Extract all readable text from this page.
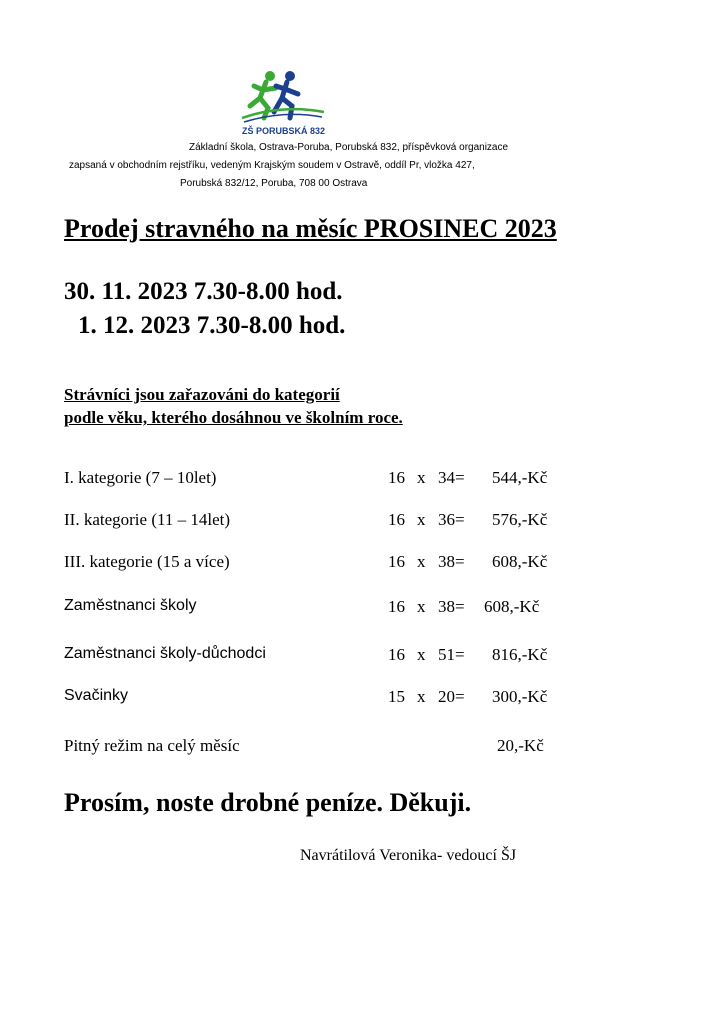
ZŠ PORUBSKÁ 832
Základní škola, Ostrava-Poruba, Porubská 832, příspěvková organizace
zapsaná v obchodním rejstříku, vedeným Krajským soudem v Ostravě, oddíl Pr, vložka 427,
Porubská 832/12, Poruba, 708 00 Ostrava
Prodej stravného na měsíc PROSINEC 2023
30. 11. 2023 7.30-8.00 hod.
1. 12. 2023 7.30-8.00 hod.
Strávníci jsou zařazováni do kategorií
podle věku, kterého dosáhnou ve školním roce.
I. kategorie (7 – 10let)	16 x 34= 544,-Kč
II. kategorie (11 – 14let)	16 x 36= 576,-Kč
III. kategorie (15 a více)	16 x 38= 608,-Kč
Zaměstnanci školy	16 x 38= 608,-Kč
Zaměstnanci školy-důchodci	16 x 51= 816,-Kč
Svačinky	15 x 20= 300,-Kč
Pitný režim na celý měsíc	20,-Kč
Prosím, noste drobné peníze. Děkuji.
Navrátilová Veronika- vedoucí ŠJ
